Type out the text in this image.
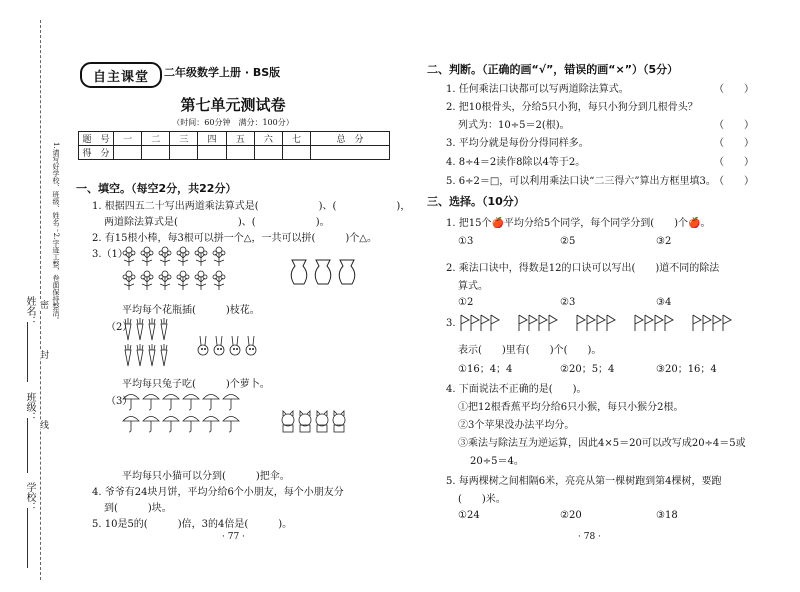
1.请写好学校、班级、姓名；2.字迹工整，卷面保持整洁。
学校：
班级：
姓名： 密
封
线
自主课堂	二年级数学上册 · BS版
第七单元测试卷
（时间：60分钟　满分：100分）
题　号	一	二	三	四	五	六	七	总　分
得　分								
一、填空。（每空2分，共22分）
1. 根据四五二十写出两道乘法算式是(　　　　　　)、(　　　　　　)，
两道除法算式是(　　　　　　)、(　　　　　　)。
2. 有15根小棒，每3根可以拼一个△，一共可以拼(　　　)个△。
3.（1）
平均每个花瓶插(　　　)枝花。
（2）
平均每只兔子吃(　　　)个萝卜。
（3）
平均每只小猫可以分到(　　　)把伞。
4. 爷爷有24块月饼，平均分给6个小朋友，每个小朋友分
到(　　　)块。
5. 10是5的(　　　)倍，3的4倍是(　　　)。
· 77 ·
二、判断。（正确的画“√”，错误的画“×”）（5分）
1. 任何乘法口诀都可以写两道除法算式。	（　　）
2. 把10根骨头，分给5只小狗，每只小狗分到几根骨头？
列式为：10÷5＝2(根)。	（　　）
3. 平均分就是每份分得同样多。	（　　）
4. 8÷4＝2读作8除以4等于2。	（　　）
5. 6÷2＝□，可以利用乘法口诀“二三得六”算出方框里填3。
（　　）
三、选择。（10分）
1. 把15个🍎平均分给5个同学，每个同学分到(　　)个🍎。
①3	②5	③2
2. 乘法口诀中，得数是12的口诀可以写出(　　)道不同的除法
算式。
①2	②3	③4
3.
表示(　　)里有(　　)个(　　)。
①16；4；4	②20；5；4	③20；16；4
4. 下面说法不正确的是(　　)。
①把12根香蕉平均分给6只小猴，每只小猴分2根。
②3个苹果没办法平均分。
③乘法与除法互为逆运算，因此4×5＝20可以改写成20÷4＝5或
20÷5＝4。
5. 每两棵树之间相隔6米，亮亮从第一棵树跑到第4棵树，要跑
(　　)米。
①24	②20	③18
· 78 ·
